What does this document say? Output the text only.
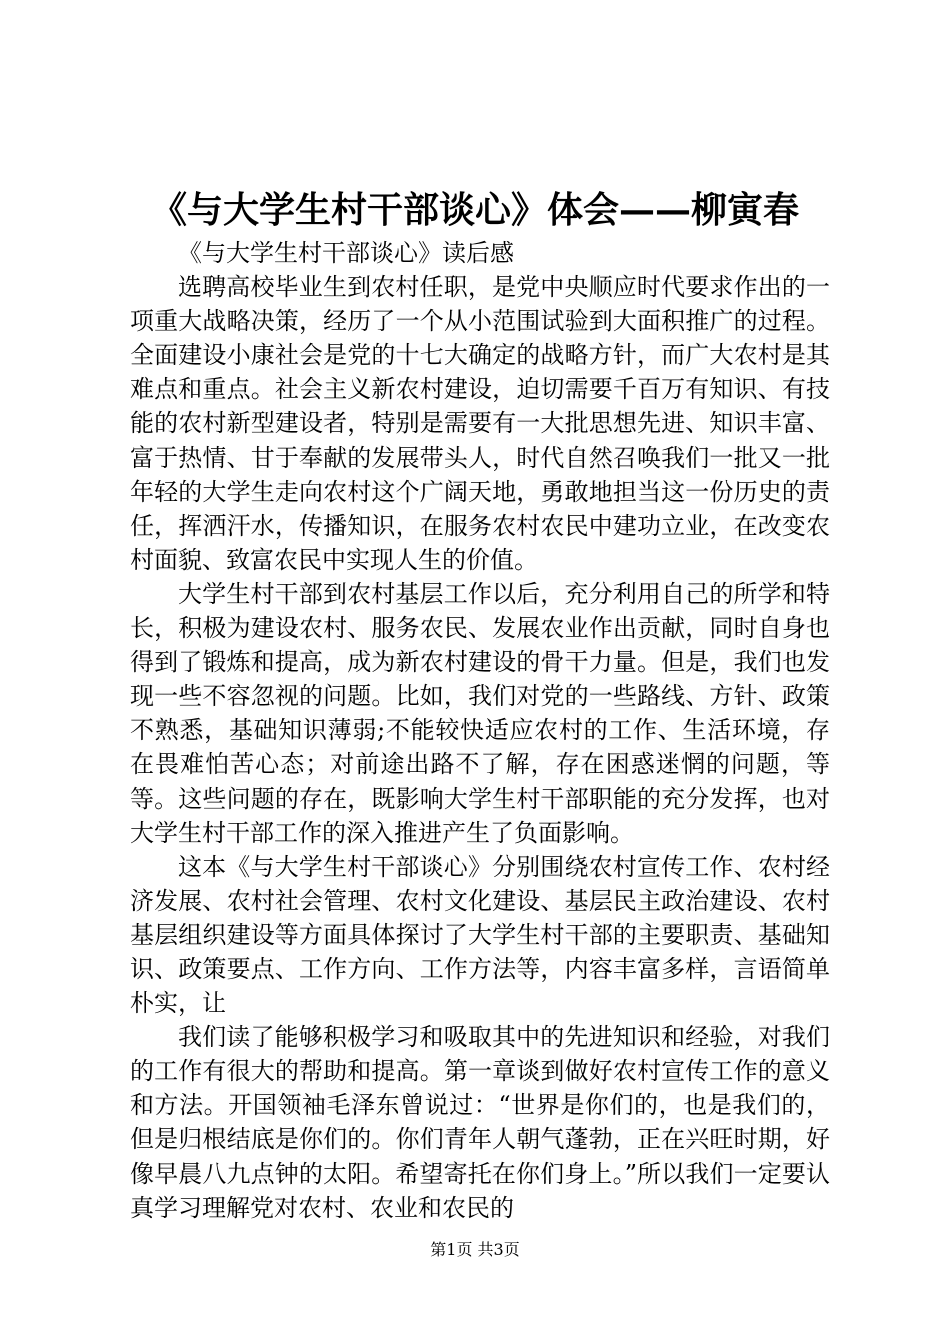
《与大学生村干部谈心》体会——柳寅春

《与大学生村干部谈心》读后感

选聘高校毕业生到农村任职，是党中央顺应时代要求作出的一项重大战略决策，经历了一个从小范围试验到大面积推广的过程。全面建设小康社会是党的十七大确定的战略方针，而广大农村是其难点和重点。社会主义新农村建设，迫切需要千百万有知识、有技能的农村新型建设者，特别是需要有一大批思想先进、知识丰富、富于热情、甘于奉献的发展带头人，时代自然召唤我们一批又一批年轻的大学生走向农村这个广阔天地，勇敢地担当这一份历史的责任，挥洒汗水，传播知识，在服务农村农民中建功立业，在改变农村面貌、致富农民中实现人生的价值。

大学生村干部到农村基层工作以后，充分利用自己的所学和特长，积极为建设农村、服务农民、发展农业作出贡献，同时自身也得到了锻炼和提高，成为新农村建设的骨干力量。但是，我们也发现一些不容忽视的问题。比如，我们对党的一些路线、方针、政策不熟悉，基础知识薄弱;不能较快适应农村的工作、生活环境，存在畏难怕苦心态；对前途出路不了解，存在困惑迷惘的问题，等等。这些问题的存在，既影响大学生村干部职能的充分发挥，也对大学生村干部工作的深入推进产生了负面影响。

这本《与大学生村干部谈心》分别围绕农村宣传工作、农村经济发展、农村社会管理、农村文化建设、基层民主政治建设、农村基层组织建设等方面具体探讨了大学生村干部的主要职责、基础知识、政策要点、工作方向、工作方法等，内容丰富多样，言语简单朴实，让

我们读了能够积极学习和吸取其中的先进知识和经验，对我们的工作有很大的帮助和提高。第一章谈到做好农村宣传工作的意义和方法。开国领袖毛泽东曾说过：“世界是你们的，也是我们的，但是归根结底是你们的。你们青年人朝气蓬勃，正在兴旺时期，好像早晨八九点钟的太阳。希望寄托在你们身上。”所以我们一定要认真学习理解党对农村、农业和农民的

第1页 共3页
